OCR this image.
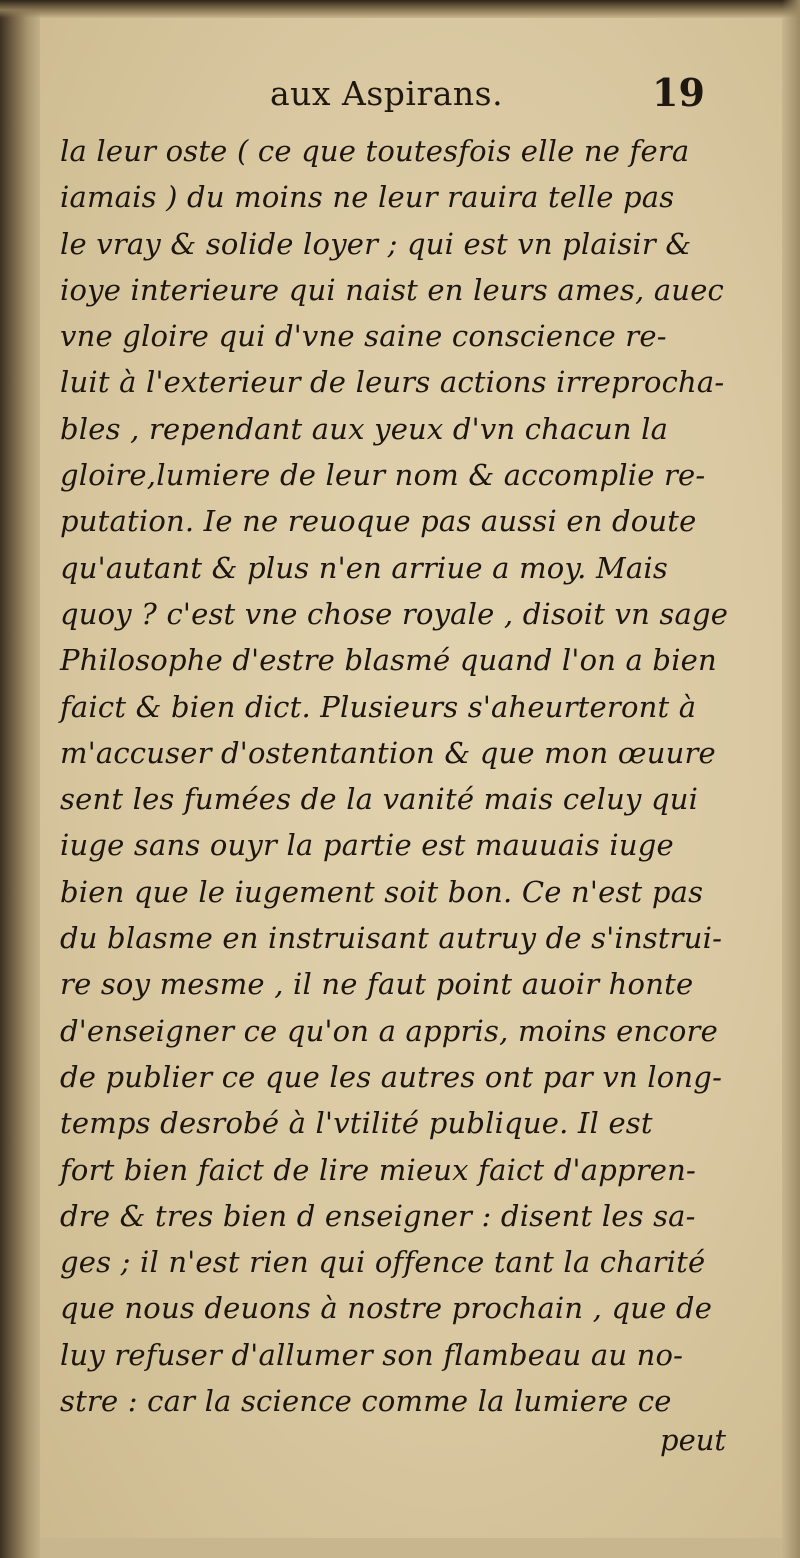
aux Aspirans.	19
la leur oste ( ce que toutesfois elle ne fera
iamais ) du moins ne leur rauira telle pas
le vray & solide loyer ; qui est vn plaisir &
ioye interieure qui naist en leurs ames, auec
vne gloire qui d'vne saine conscience re-
luit à l'exterieur de leurs actions irreprocha-
bles , rependant aux yeux d'vn chacun la
gloire,lumiere de leur nom & accomplie re-
putation. Ie ne reuoque pas aussi en doute
qu'autant & plus n'en arriue a moy. Mais
quoy ? c'est vne chose royale , disoit vn sage
Philosophe d'estre blasmé quand l'on a bien
faict & bien dict. Plusieurs s'aheurteront à
m'accuser d'ostentantion & que mon œuure
sent les fumées de la vanité mais celuy qui
iuge sans ouyr la partie est mauuais iuge
bien que le iugement soit bon. Ce n'est pas
du blasme en instruisant autruy de s'instrui-
re soy mesme , il ne faut point auoir honte
d'enseigner ce qu'on a appris, moins encore
de publier ce que les autres ont par vn long-
temps desrobé à l'vtilité publique. Il est
fort bien faict de lire mieux faict d'appren-
dre & tres bien d enseigner : disent les sa-
ges ; il n'est rien qui offence tant la charité
que nous deuons à nostre prochain , que de
luy refuser d'allumer son flambeau au no-
stre : car la science comme la lumiere ce
peut
